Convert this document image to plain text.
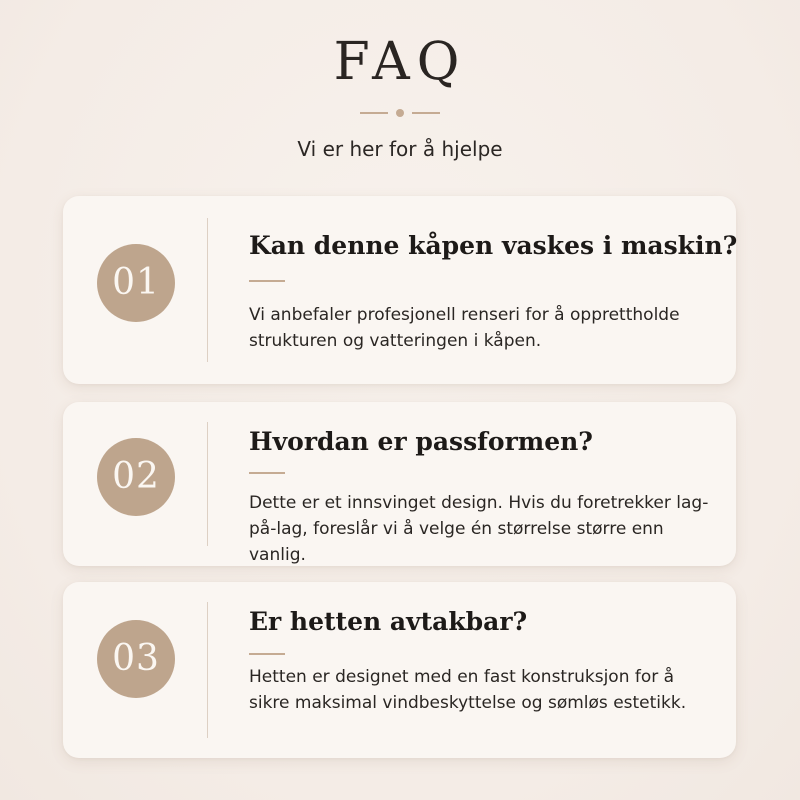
FAQ
Vi er her for å hjelpe
01
Kan denne kåpen vaskes i maskin?

Vi anbefaler profesjonell renseri for å opprettholde strukturen og vatteringen i kåpen.

02
Hvordan er passformen?

Dette er et innsvinget design. Hvis du foretrekker lag-på-lag, foreslår vi å velge én størrelse større enn vanlig.

03
Er hetten avtakbar?

Hetten er designet med en fast konstruksjon for å sikre maksimal vindbeskyttelse og sømløs estetikk.
